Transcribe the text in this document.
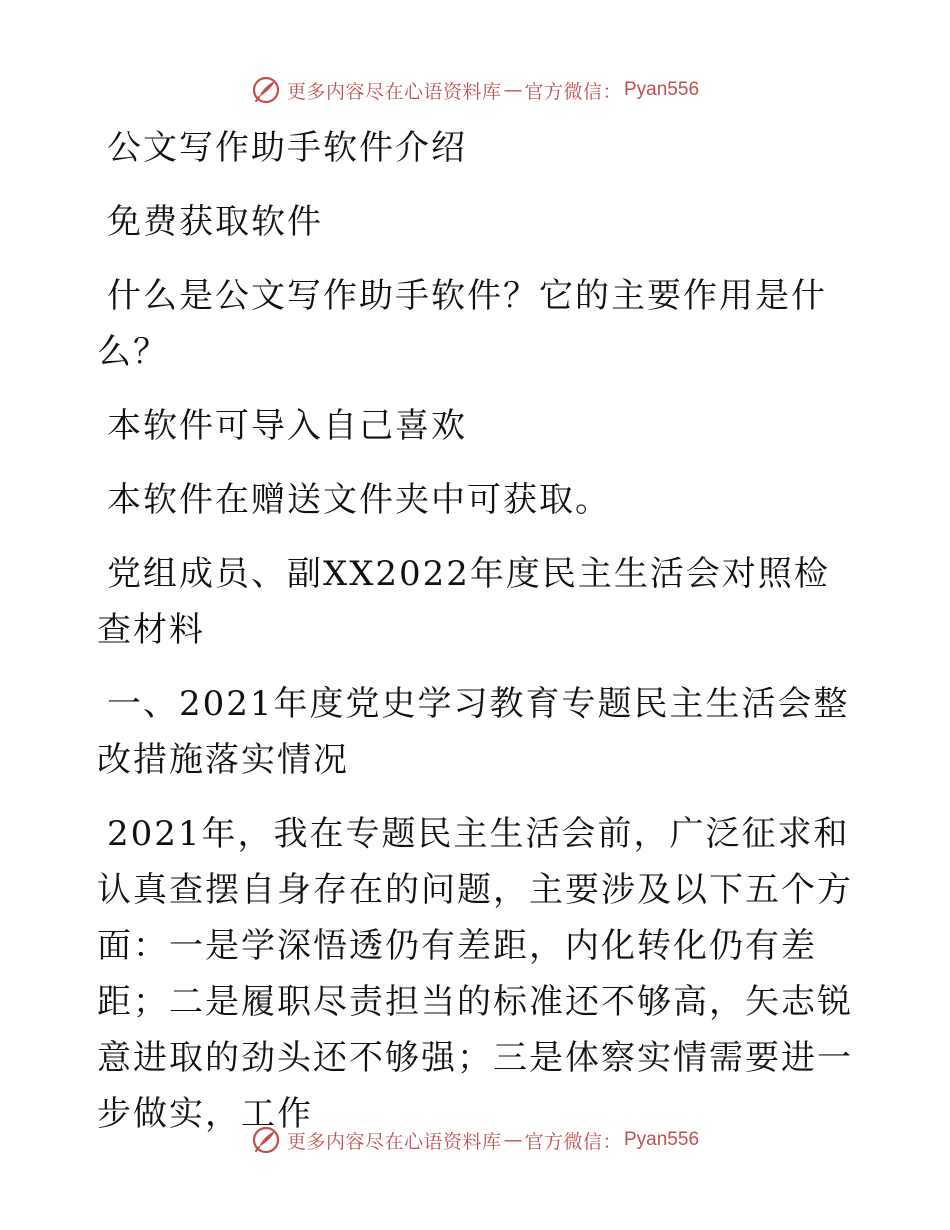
更多内容尽在心语资料库 — 官方微信： Pyan556

公文写作助手软件介绍

免费获取软件

什么是公文写作助手软件？它的主要作用是什么？

本软件可导入自己喜欢

本软件在赠送文件夹中可获取。

党组成员、副XX2022年度民主生活会对照检查材料

一、2021年度党史学习教育专题民主生活会整改措施落实情况

2021年，我在专题民主生活会前，广泛征求和认真查摆自身存在的问题，主要涉及以下五个方面：一是学深悟透仍有差距，内化转化仍有差距；二是履职尽责担当的标准还不够高，矢志锐意进取的劲头还不够强；三是体察实情需要进一步做实，工作

更多内容尽在心语资料库 — 官方微信： Pyan556
